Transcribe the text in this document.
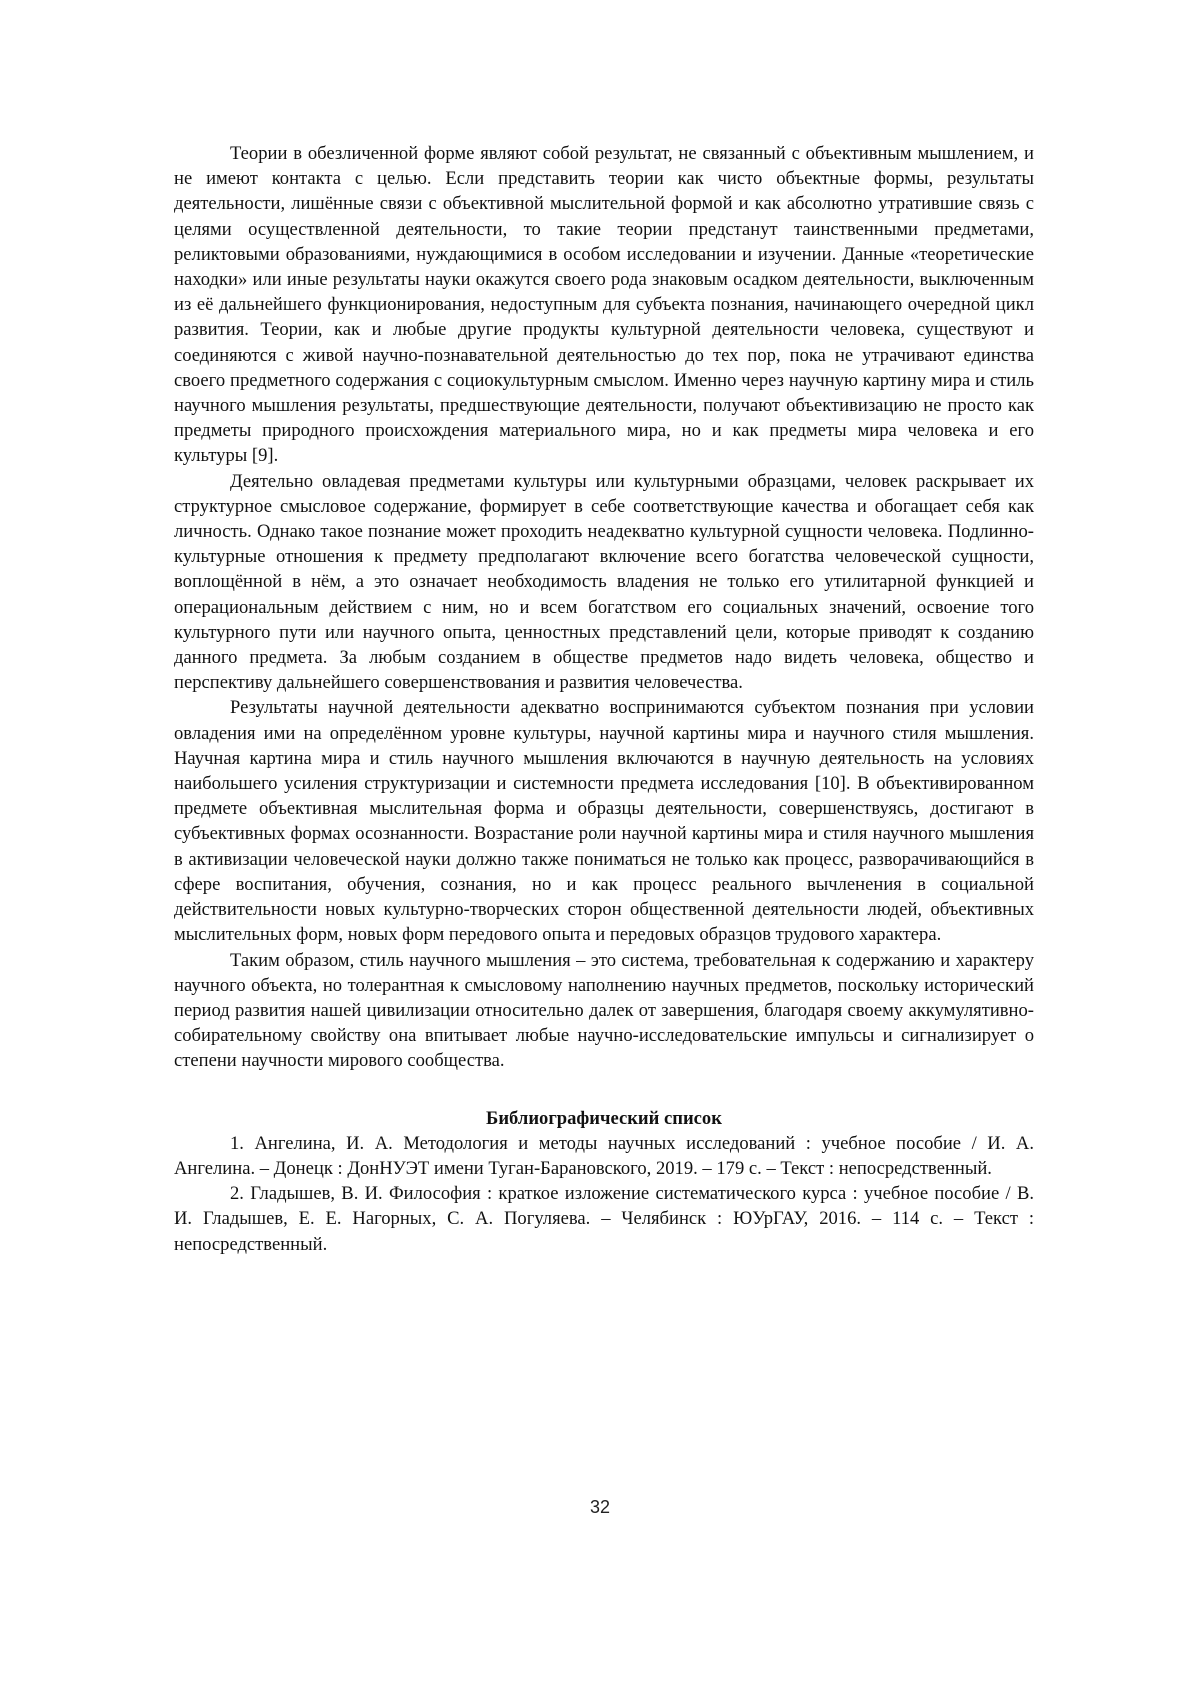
Теории в обезличенной форме являют собой результат, не связанный с объективным мышлением, и не имеют контакта с целью. Если представить теории как чисто объектные формы, результаты деятельности, лишённые связи с объективной мыслительной формой и как абсолютно утратившие связь с целями осуществленной деятельности, то такие теории предстанут таинственными предметами, реликтовыми образованиями, нуждающимися в особом исследовании и изучении. Данные «теоретические находки» или иные результаты науки окажутся своего рода знаковым осадком деятельности, выключенным из её дальнейшего функционирования, недоступным для субъекта познания, начинающего очередной цикл развития. Теории, как и любые другие продукты культурной деятельности человека, существуют и соединяются с живой научно-познавательной деятельностью до тех пор, пока не утрачивают единства своего предметного содержания с социокультурным смыслом. Именно через научную картину мира и стиль научного мышления результаты, предшествующие деятельности, получают объективизацию не просто как предметы природного происхождения материального мира, но и как предметы мира человека и его культуры [9].

Деятельно овладевая предметами культуры или культурными образцами, человек раскрывает их структурное смысловое содержание, формирует в себе соответствующие качества и обогащает себя как личность. Однако такое познание может проходить неадекватно культурной сущности человека. Подлинно-культурные отношения к предмету предполагают включение всего богатства человеческой сущности, воплощённой в нём, а это означает необходимость владения не только его утилитарной функцией и операциональным действием с ним, но и всем богатством его социальных значений, освоение того культурного пути или научного опыта, ценностных представлений цели, которые приводят к созданию данного предмета. За любым созданием в обществе предметов надо видеть человека, общество и перспективу дальнейшего совершенствования и развития человечества.

Результаты научной деятельности адекватно воспринимаются субъектом познания при условии овладения ими на определённом уровне культуры, научной картины мира и научного стиля мышления. Научная картина мира и стиль научного мышления включаются в научную деятельность на условиях наибольшего усиления структуризации и системности предмета исследования [10]. В объективированном предмете объективная мыслительная форма и образцы деятельности, совершенствуясь, достигают в субъективных формах осознанности. Возрастание роли научной картины мира и стиля научного мышления в активизации человеческой науки должно также пониматься не только как процесс, разворачивающийся в сфере воспитания, обучения, сознания, но и как процесс реального вычленения в социальной действительности новых культурно-творческих сторон общественной деятельности людей, объективных мыслительных форм, новых форм передового опыта и передовых образцов трудового характера.

Таким образом, стиль научного мышления – это система, требовательная к содержанию и характеру научного объекта, но толерантная к смысловому наполнению научных предметов, поскольку исторический период развития нашей цивилизации относительно далек от завершения, благодаря своему аккумулятивно-собирательному свойству она впитывает любые научно-исследовательские импульсы и сигнализирует о степени научности мирового сообщества.

Библиографический список

1. Ангелина, И. А. Методология и методы научных исследований : учебное пособие / И. А. Ангелина. – Донецк : ДонНУЭТ имени Туган-Барановского, 2019. – 179 с. – Текст : непосредственный.

2. Гладышев, В. И. Философия : краткое изложение систематического курса : учебное пособие / В. И. Гладышев, Е. Е. Нагорных, С. А. Погуляева. – Челябинск : ЮУрГАУ, 2016. – 114 с. – Текст : непосредственный.

32
